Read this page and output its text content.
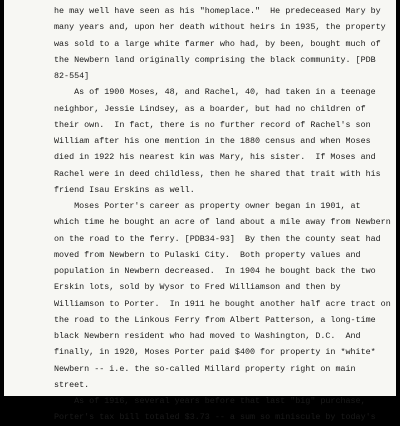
he may well have seen as his "homeplace."  He predeceased Mary by
many years and, upon her death without heirs in 1935, the property
was sold to a large white farmer who had, by been, bought much of
the Newbern land originally comprising the black community. [PDB
82-554]
As of 1900 Moses, 48, and Rachel, 40, had taken in a teenage
neighbor, Jessie Lindsey, as a boarder, but had no children of
their own.  In fact, there is no further record of Rachel's son
William after his one mention in the 1880 census and when Moses
died in 1922 his nearest kin was Mary, his sister.  If Moses and
Rachel were in deed childless, then he shared that trait with his
friend Isau Erskins as well.
Moses Porter's career as property owner began in 1901, at
which time he bought an acre of land about a mile away from Newbern
on the road to the ferry. [PDB34-93]  By then the county seat had
moved from Newbern to Pulaski City.  Both property values and
population in Newbern decreased.  In 1904 he bought back the two
Erskin lots, sold by Wysor to Fred Williamson and then by
Williamson to Porter.  In 1911 he bought another half acre tract on
the road to the Linkous Ferry from Albert Patterson, a long-time
black Newbern resident who had moved to Washington, D.C.  And
finally, in 1920, Moses Porter paid $400 for property in *white*
Newbern -- i.e. the so-called Millard property right on main
street.
As of 1916, several years before that last "big" purchase,
Porter's tax bill totaled $3.73 -- a sum so miniscule by today's
